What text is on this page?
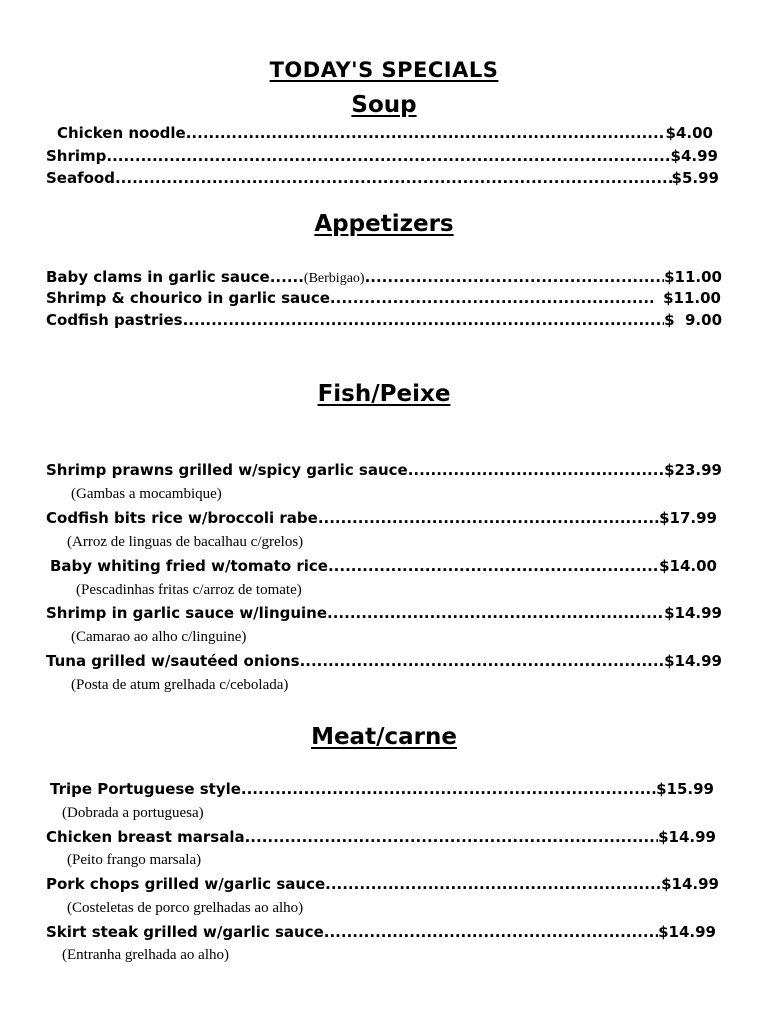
TODAY'S SPECIALS
Soup
Chicken noodle .....	$4.00
Shrimp .....	$4.99
Seafood .....	$5.99
Appetizers
Baby clams in garlic sauce ...... (Berbigao) .....	$11.00
Shrimp & chourico in garlic sauce .....	$11.00
Codfish pastries .....	$  9.00
Fish/Peixe
Shrimp prawns grilled w/spicy garlic sauce .....	$23.99
(Gambas a mocambique)
Codfish bits rice w/broccoli rabe .....	$17.99
(Arroz de linguas de bacalhau c/grelos)
Baby whiting fried w/tomato rice .....	$14.00
(Pescadinhas fritas c/arroz de tomate)
Shrimp in garlic sauce w/linguine .....	$14.99
(Camarao ao alho c/linguine)
Tuna grilled w/sautéed onions .....	$14.99
(Posta de atum grelhada c/cebolada)
Meat/carne
Tripe Portuguese style .....	$15.99
(Dobrada a portuguesa)
Chicken breast marsala .....	$14.99
(Peito frango marsala)
Pork chops grilled w/garlic sauce .....	$14.99
(Costeletas de porco grelhadas ao alho)
Skirt steak grilled w/garlic sauce .....	$14.99
(Entranha grelhada ao alho)
